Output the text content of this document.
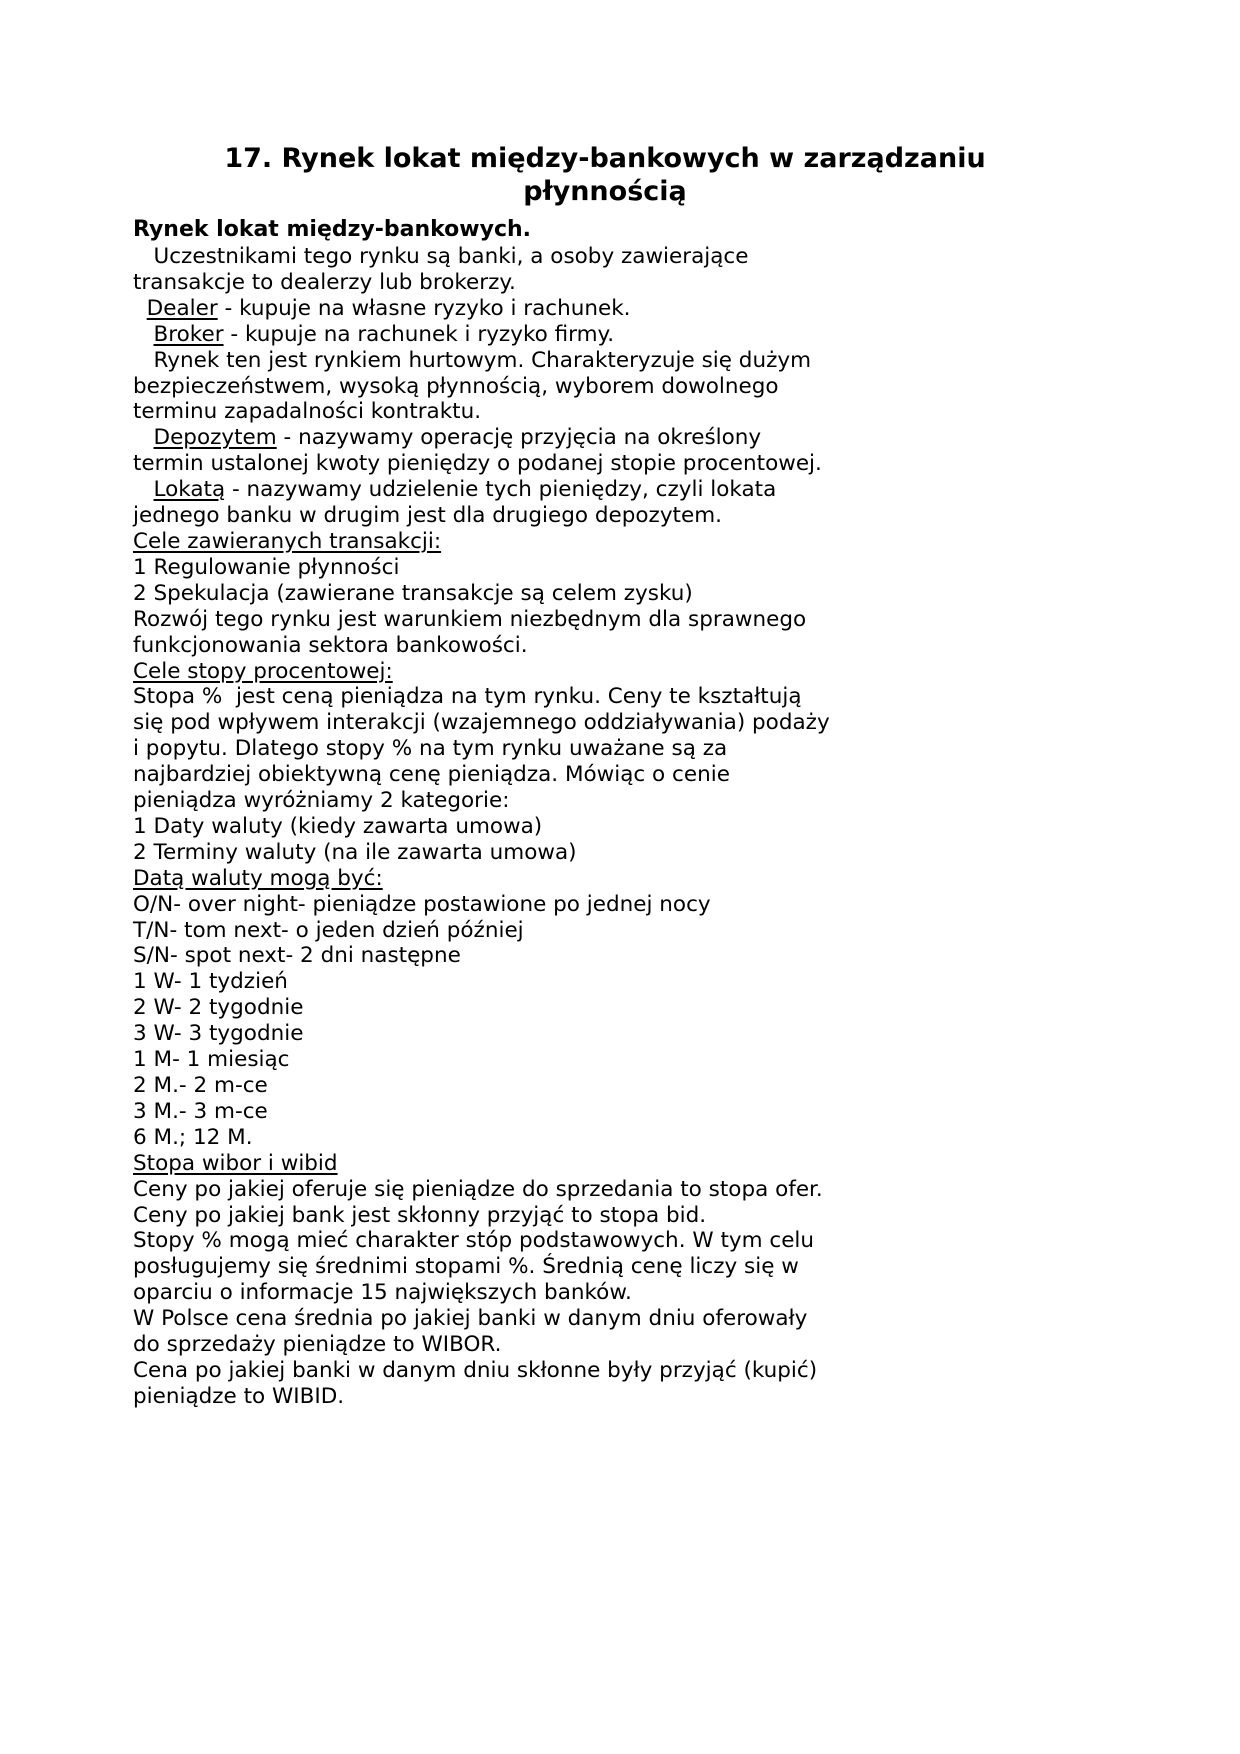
17. Rynek lokat między-bankowych w zarządzaniu
płynnością
Rynek lokat między-bankowych.
Uczestnikami tego rynku są banki, a osoby zawierające
transakcje to dealerzy lub brokerzy.
Dealer - kupuje na własne ryzyko i rachunek.
Broker - kupuje na rachunek i ryzyko firmy.
Rynek ten jest rynkiem hurtowym. Charakteryzuje się dużym
bezpieczeństwem, wysoką płynnością, wyborem dowolnego
terminu zapadalności kontraktu.
Depozytem - nazywamy operację przyjęcia na określony
termin ustalonej kwoty pieniędzy o podanej stopie procentowej.
Lokatą - nazywamy udzielenie tych pieniędzy, czyli lokata
jednego banku w drugim jest dla drugiego depozytem.
Cele zawieranych transakcji:
1 Regulowanie płynności
2 Spekulacja (zawierane transakcje są celem zysku)
Rozwój tego rynku jest warunkiem niezbędnym dla sprawnego
funkcjonowania sektora bankowości.
Cele stopy procentowej:
Stopa %  jest ceną pieniądza na tym rynku. Ceny te kształtują
się pod wpływem interakcji (wzajemnego oddziaływania) podaży
i popytu. Dlatego stopy % na tym rynku uważane są za
najbardziej obiektywną cenę pieniądza. Mówiąc o cenie
pieniądza wyróżniamy 2 kategorie:
1 Daty waluty (kiedy zawarta umowa)
2 Terminy waluty (na ile zawarta umowa)
Datą waluty mogą być:
O/N- over night- pieniądze postawione po jednej nocy
T/N- tom next- o jeden dzień później
S/N- spot next- 2 dni następne
1 W- 1 tydzień
2 W- 2 tygodnie
3 W- 3 tygodnie
1 M- 1 miesiąc
2 M.- 2 m-ce
3 M.- 3 m-ce
6 M.; 12 M.
Stopa wibor i wibid
Ceny po jakiej oferuje się pieniądze do sprzedania to stopa ofer.
Ceny po jakiej bank jest skłonny przyjąć to stopa bid.
Stopy % mogą mieć charakter stóp podstawowych. W tym celu
posługujemy się średnimi stopami %. Średnią cenę liczy się w
oparciu o informacje 15 największych banków.
W Polsce cena średnia po jakiej banki w danym dniu oferowały
do sprzedaży pieniądze to WIBOR.
Cena po jakiej banki w danym dniu skłonne były przyjąć (kupić)
pieniądze to WIBID.
